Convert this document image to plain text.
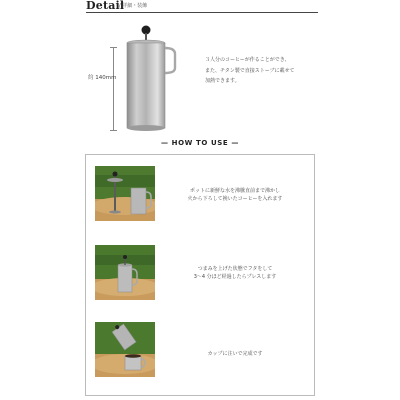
Detail
/ 詳細・装飾
約 140mm
３人分のコーヒーが作ることができ、
また、チタン製で直接ストーブに載せて
加熱できます。
— HOW TO USE —
ポットに新鮮な水を沸騰直前まで沸かし
火から下ろして挽いたコーヒーを入れます
つまみを上げた状態でフタをして
3〜4 分ほど経過したらプレスします
カップに注いで完成です
